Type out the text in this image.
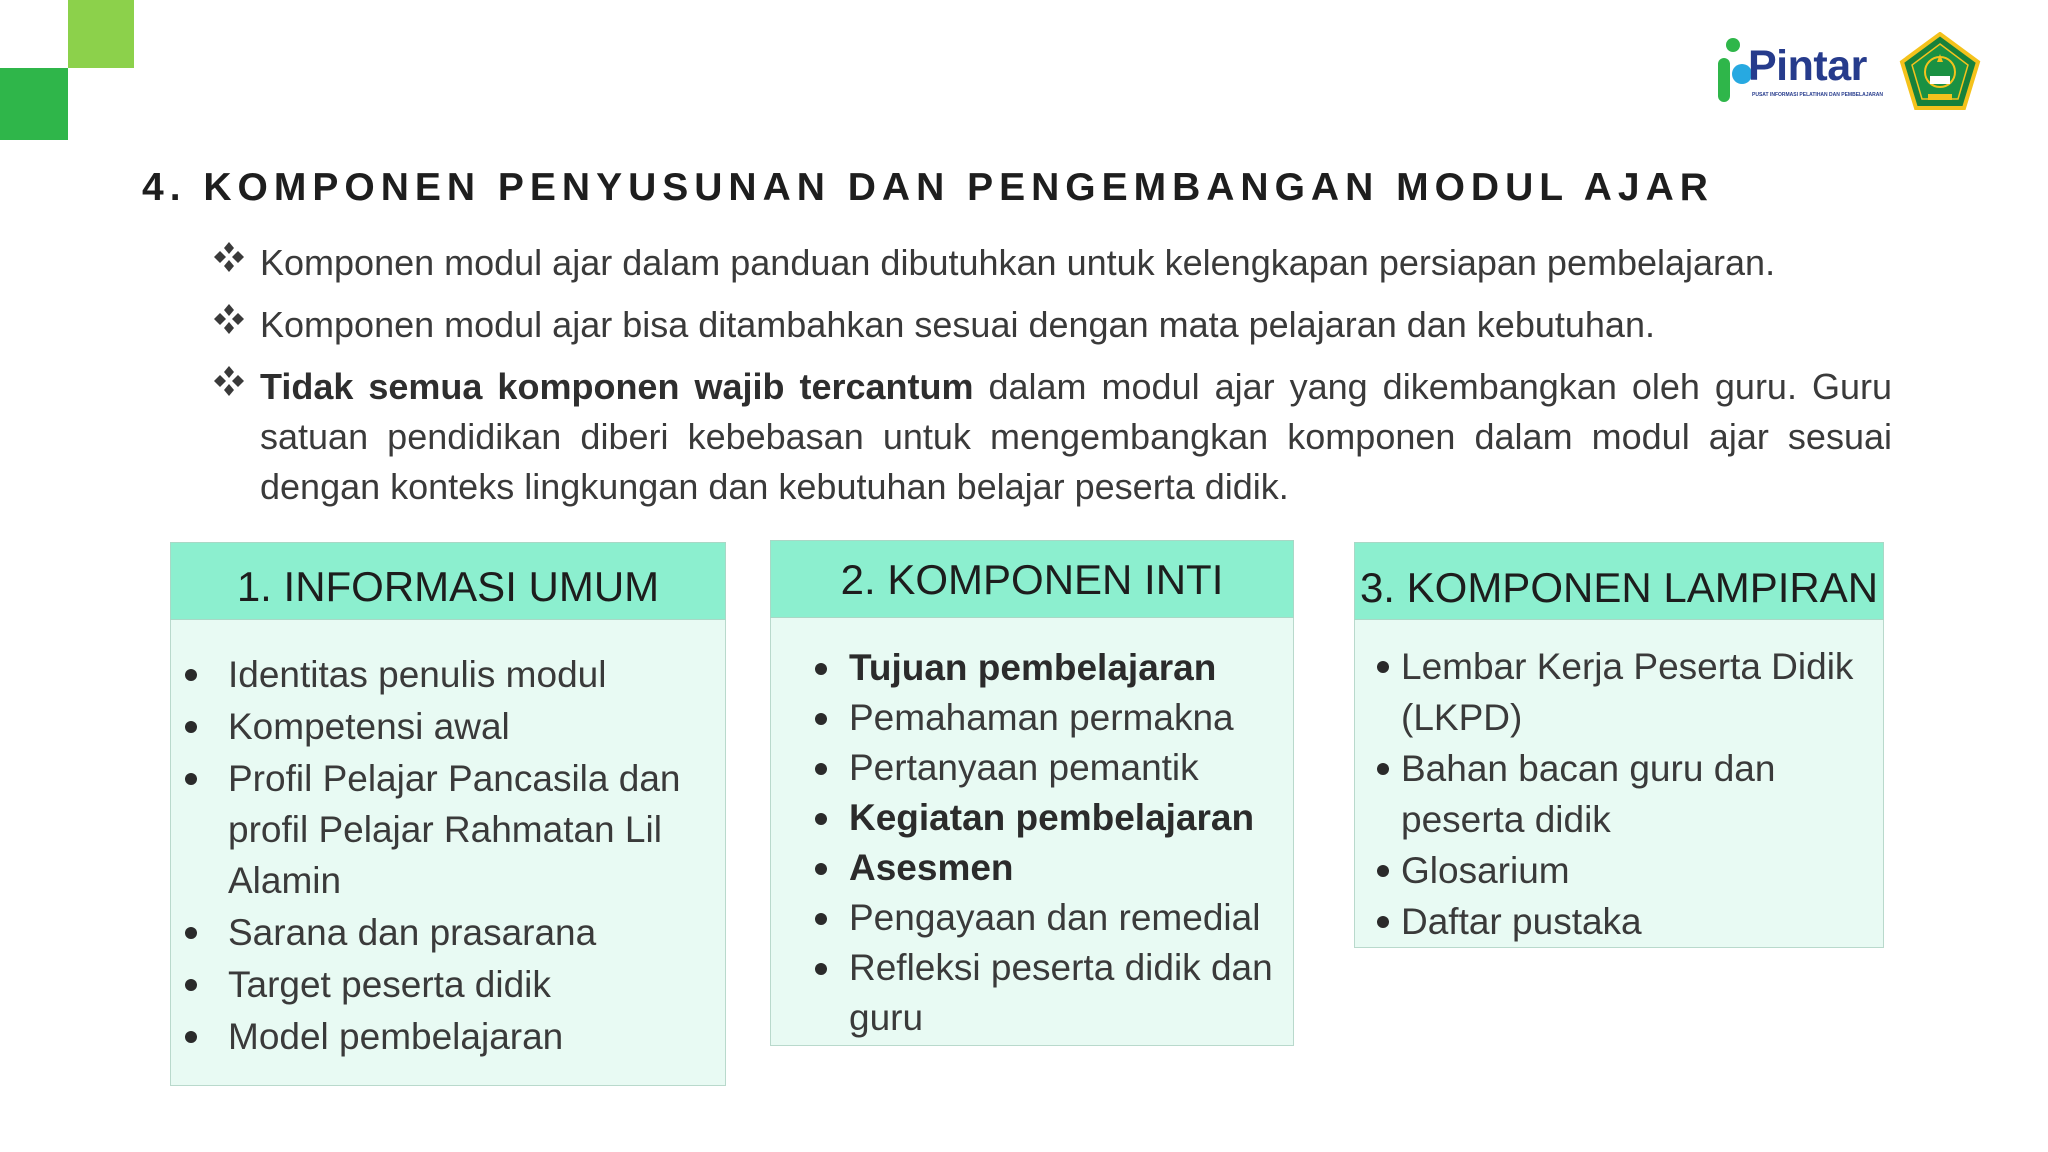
Pintar
PUSAT INFORMASI PELATIHAN DAN PEMBELAJARAN
4. KOMPONEN PENYUSUNAN DAN PENGEMBANGAN MODUL AJAR
Komponen modul ajar dalam panduan dibutuhkan untuk kelengkapan persiapan pembelajaran.
Komponen modul ajar bisa ditambahkan sesuai dengan mata pelajaran dan kebutuhan.
Tidak semua komponen wajib tercantum dalam modul ajar yang dikembangkan oleh guru. Guru satuan pendidikan diberi kebebasan untuk mengembangkan komponen dalam modul ajar sesuai dengan konteks lingkungan dan kebutuhan belajar peserta didik.
1. INFORMASI UMUM
Identitas penulis modul
Kompetensi awal
Profil Pelajar Pancasila dan profil Pelajar Rahmatan Lil Alamin
Sarana dan prasarana
Target peserta didik
Model pembelajaran
2. KOMPONEN INTI
Tujuan pembelajaran
Pemahaman permakna
Pertanyaan pemantik
Kegiatan pembelajaran
Asesmen
Pengayaan dan remedial
Refleksi peserta didik dan guru
3. KOMPONEN LAMPIRAN
Lembar Kerja Peserta Didik (LKPD)
Bahan bacan guru dan peserta didik
Glosarium
Daftar pustaka
